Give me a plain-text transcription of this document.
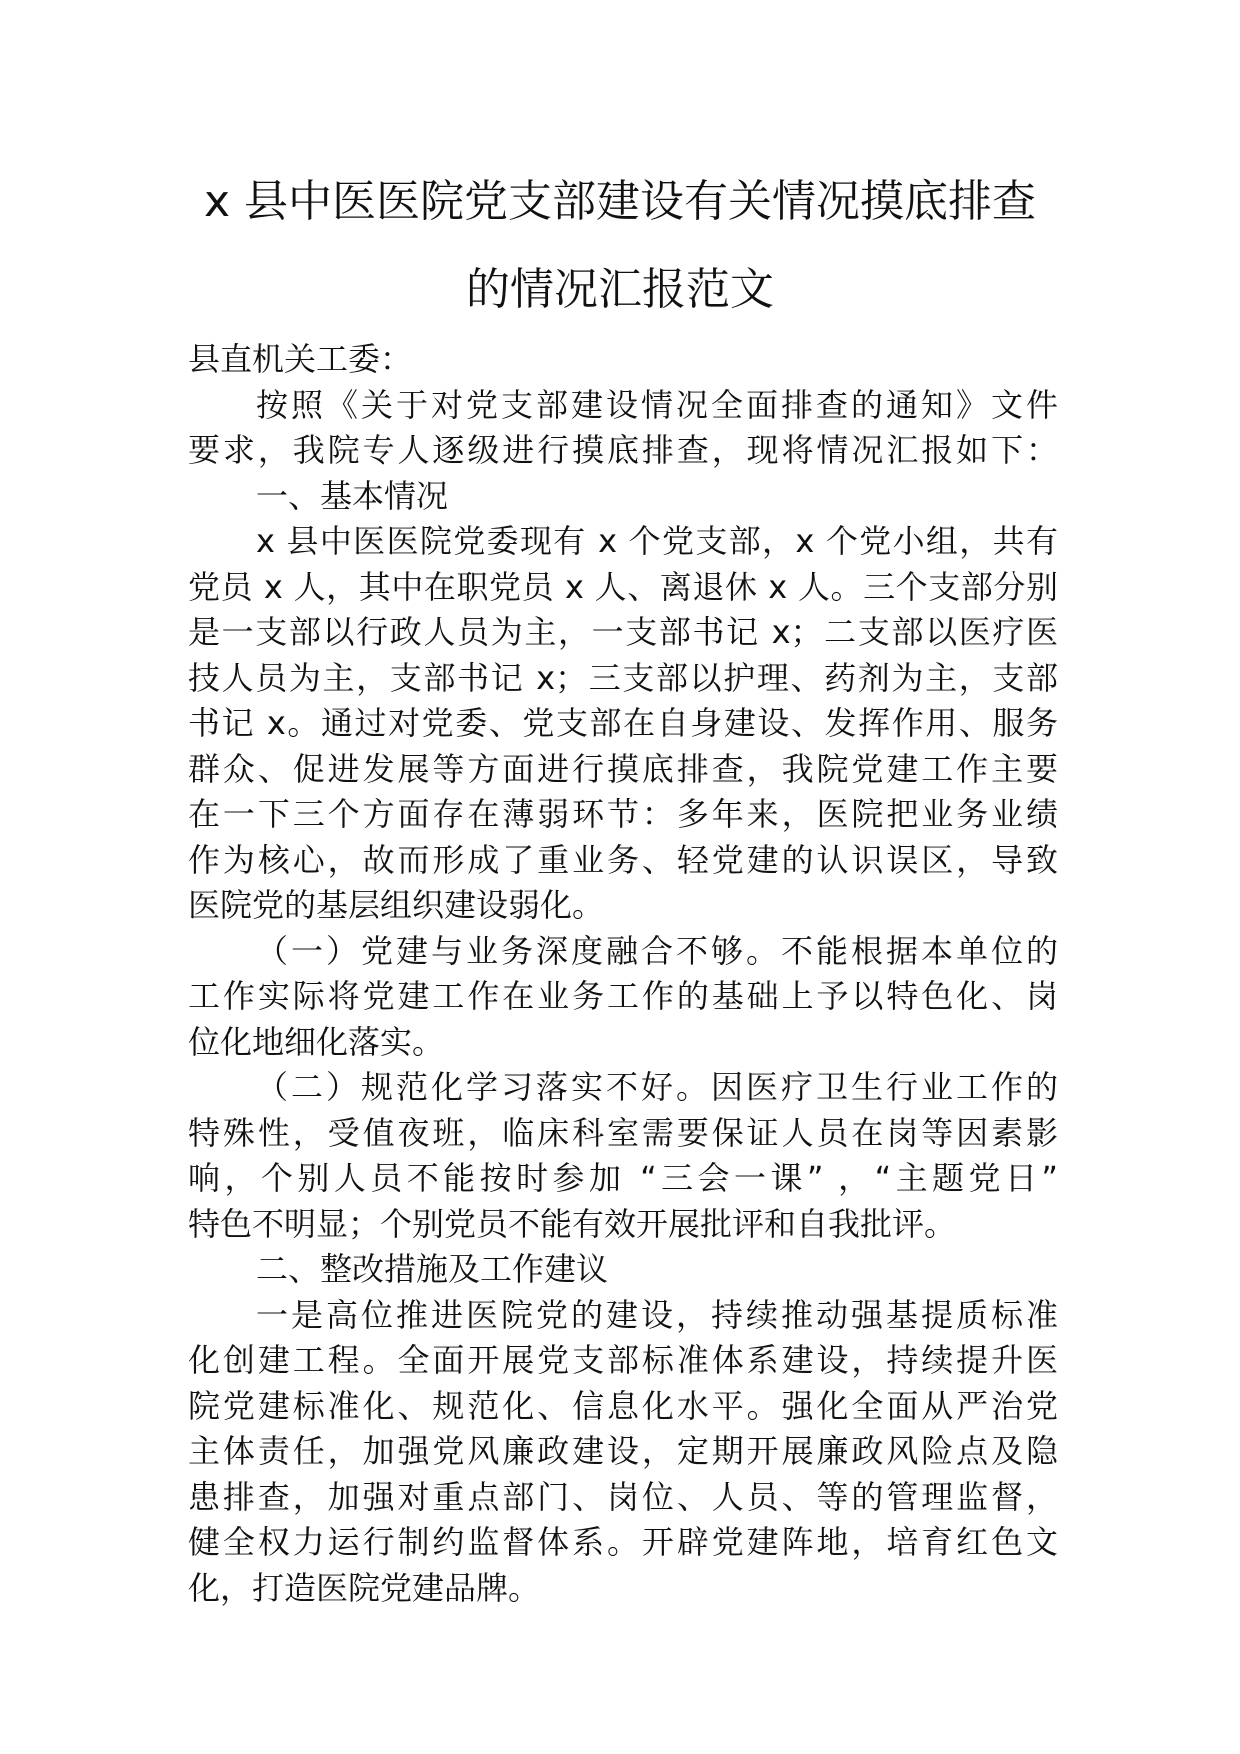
x 县中医医院党支部建设有关情况摸底排查
的情况汇报范文
县直机关工委：
按照《关于对党支部建设情况全面排查的通知》文件
要求，我院专人逐级进行摸底排查，现将情况汇报如下：
一、基本情况
x 县中医医院党委现有 x 个党支部，x 个党小组，共有
党员 x 人，其中在职党员 x 人、离退休 x 人。三个支部分别
是一支部以行政人员为主，一支部书记 x；二支部以医疗医
技人员为主，支部书记 x；三支部以护理、药剂为主，支部
书记 x。通过对党委、党支部在自身建设、发挥作用、服务
群众、促进发展等方面进行摸底排查，我院党建工作主要
在一下三个方面存在薄弱环节：多年来，医院把业务业绩
作为核心，故而形成了重业务、轻党建的认识误区，导致
医院党的基层组织建设弱化。
（一）党建与业务深度融合不够。不能根据本单位的
工作实际将党建工作在业务工作的基础上予以特色化、岗
位化地细化落实。
（二）规范化学习落实不好。因医疗卫生行业工作的
特殊性，受值夜班，临床科室需要保证人员在岗等因素影
响，个别人员不能按时参加 “三会一课” ，“主题党日”
特色不明显；个别党员不能有效开展批评和自我批评。
二、整改措施及工作建议
一是高位推进医院党的建设，持续推动强基提质标准
化创建工程。全面开展党支部标准体系建设，持续提升医
院党建标准化、规范化、信息化水平。强化全面从严治党
主体责任，加强党风廉政建设，定期开展廉政风险点及隐
患排查，加强对重点部门、岗位、人员、等的管理监督，
健全权力运行制约监督体系。开辟党建阵地，培育红色文
化，打造医院党建品牌。
